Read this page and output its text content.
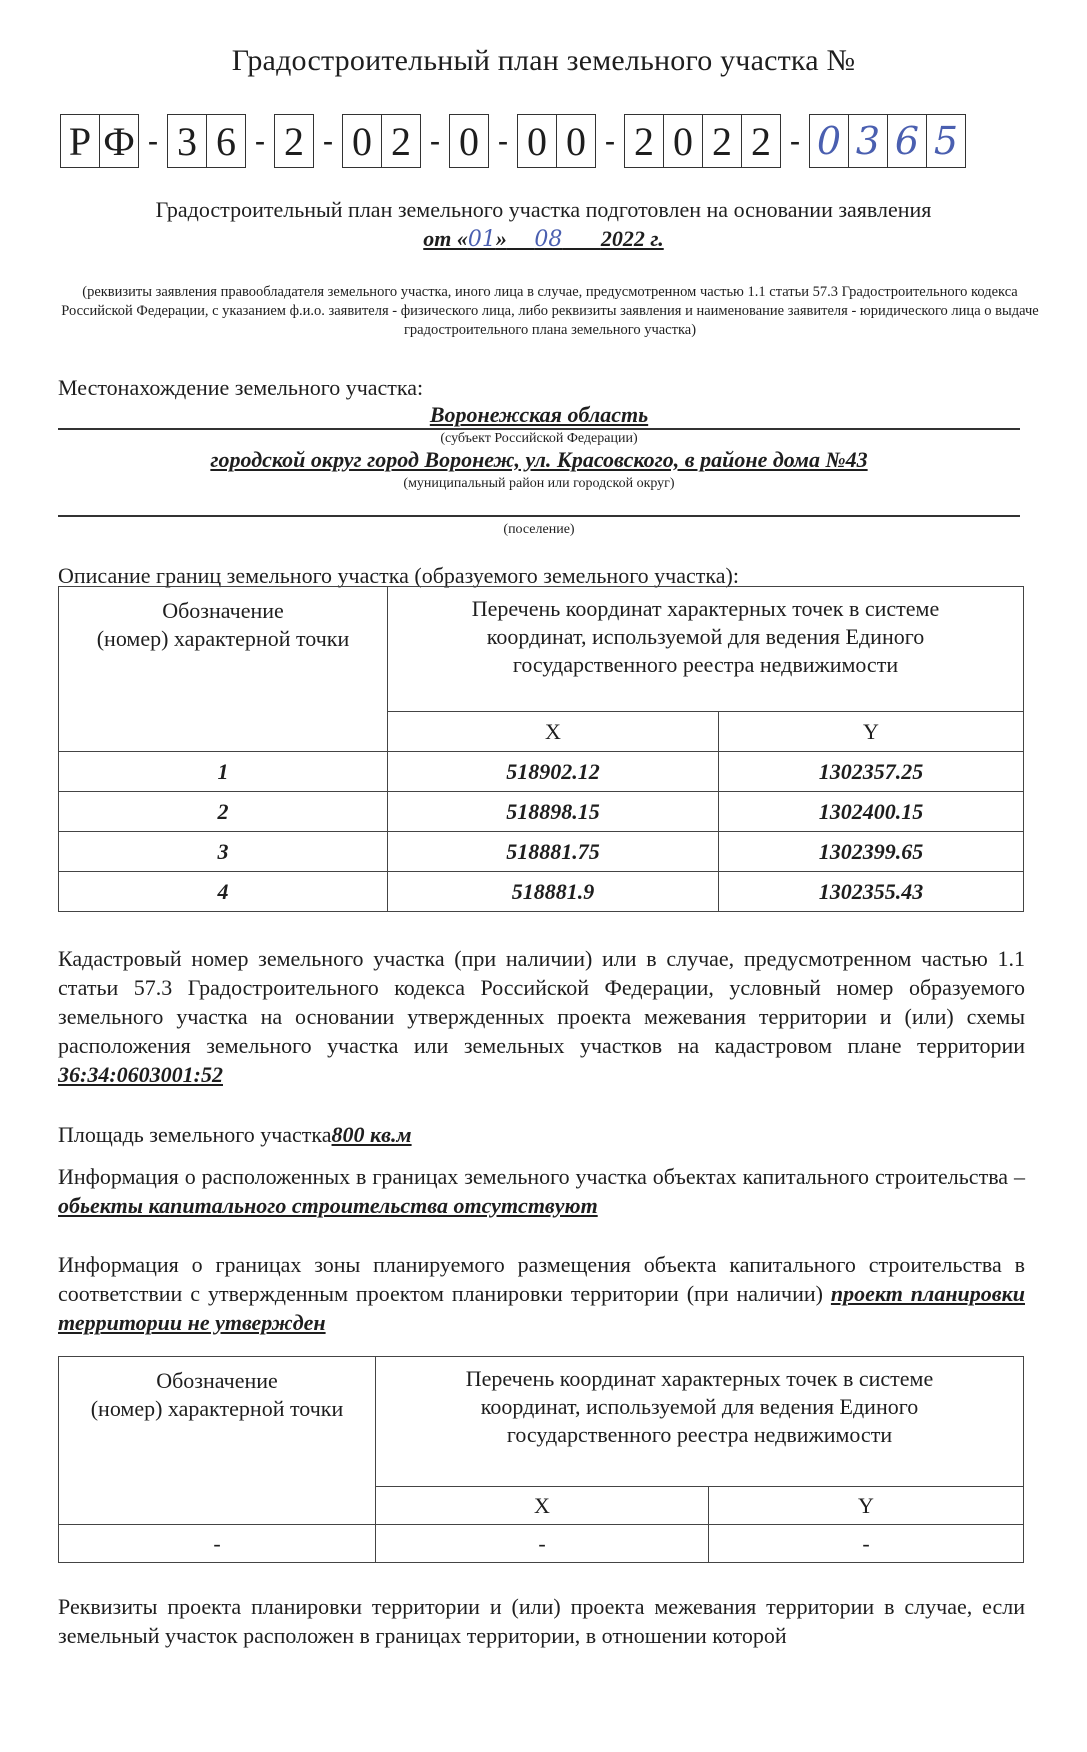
Градостроительный план земельного участка №
Р Ф - 3 6 - 2 - 0 2 - 0 - 0 0 - 2 0 2 2 - 0 3 6 5
Градостроительный план земельного участка подготовлен на основании заявления
от «01» 08 2022 г.
(реквизиты заявления правообладателя земельного участка, иного лица в случае, предусмотренном частью 1.1 статьи 57.3 Градостроительного кодекса Российской Федерации, с указанием ф.и.о. заявителя - физического лица, либо реквизиты заявления и наименование заявителя - юридического лица о выдаче градостроительного плана земельного участка)
Местонахождение земельного участка:
Воронежская область
(субъект Российской Федерации)
городской округ город Воронеж, ул. Красовского, в районе дома №43
(муниципальный район или городской округ)
(поселение)
Описание границ земельного участка (образуемого земельного участка):
Обозначение
(номер) характерной точки

Перечень координат характерных точек в системе
координат, используемой для ведения Единого
государственного реестра недвижимости

	X	Y
1	518902.12	1302357.25
2	518898.15	1302400.15
3	518881.75	1302399.65
4	518881.9	1302355.43
Кадастровый номер земельного участка (при наличии) или в случае, предусмотренном частью 1.1 статьи 57.3 Градостроительного кодекса Российской Федерации, условный номер образуемого земельного участка на основании утвержденных проекта межевания территории и (или) схемы расположения земельного участка или земельных участков на кадастровом плане территории 36:34:0603001:52
Площадь земельного участка800 кв.м
Информация о расположенных в границах земельного участка объектах капитального строительства – обьекты капитального строительства отсутствуют
Информация о границах зоны планируемого размещения объекта капитального строительства в соответствии с утвержденным проектом планировки территории (при наличии) проект планировки территории не утвержден
Обозначение
(номер) характерной точки

Перечень координат характерных точек в системе
координат, используемой для ведения Единого
государственного реестра недвижимости

	X	Y
-	-	-
Реквизиты проекта планировки территории и (или) проекта межевания территории в случае, если земельный участок расположен в границах территории, в отношении которой
